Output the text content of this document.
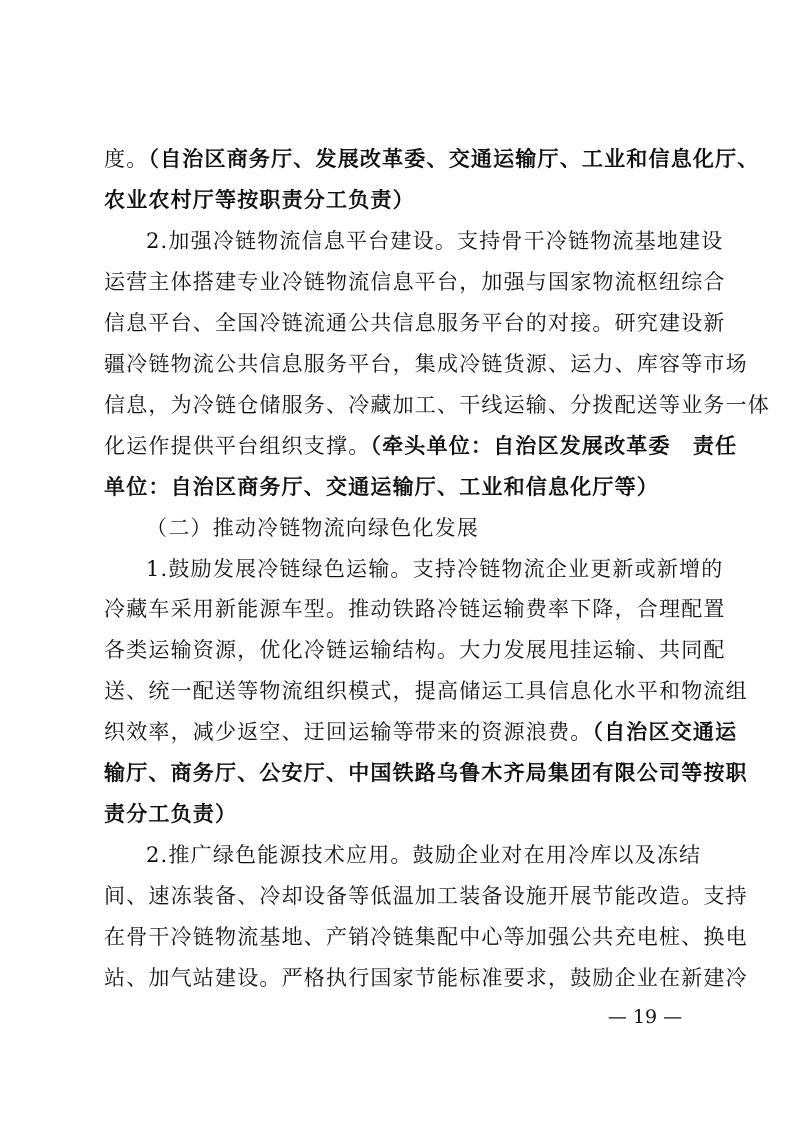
度。（自治区商务厅、发展改革委、交通运输厅、工业和信息化厅、
农业农村厅等按职责分工负责）
2.加强冷链物流信息平台建设。支持骨干冷链物流基地建设
运营主体搭建专业冷链物流信息平台，加强与国家物流枢纽综合
信息平台、全国冷链流通公共信息服务平台的对接。研究建设新
疆冷链物流公共信息服务平台，集成冷链货源、运力、库容等市场
信息，为冷链仓储服务、冷藏加工、干线运输、分拨配送等业务一体
化运作提供平台组织支撑。（牵头单位：自治区发展改革委　责任
单位：自治区商务厅、交通运输厅、工业和信息化厅等）
（二）推动冷链物流向绿色化发展
1.鼓励发展冷链绿色运输。支持冷链物流企业更新或新增的
冷藏车采用新能源车型。推动铁路冷链运输费率下降，合理配置
各类运输资源，优化冷链运输结构。大力发展甩挂运输、共同配
送、统一配送等物流组织模式，提高储运工具信息化水平和物流组
织效率，减少返空、迂回运输等带来的资源浪费。（自治区交通运
输厅、商务厅、公安厅、中国铁路乌鲁木齐局集团有限公司等按职
责分工负责）
2.推广绿色能源技术应用。鼓励企业对在用冷库以及冻结
间、速冻装备、冷却设备等低温加工装备设施开展节能改造。支持
在骨干冷链物流基地、产销冷链集配中心等加强公共充电桩、换电
站、加气站建设。严格执行国家节能标准要求，鼓励企业在新建冷
— 19 —
